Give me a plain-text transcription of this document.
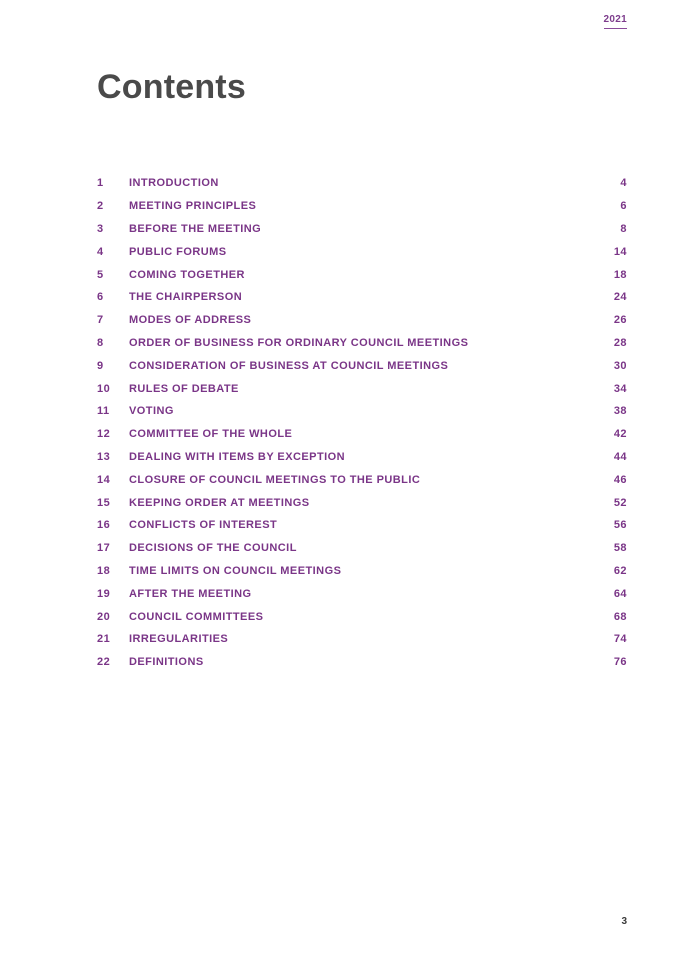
2021
Contents
1	INTRODUCTION	4
2	MEETING PRINCIPLES	6
3	BEFORE THE MEETING	8
4	PUBLIC FORUMS	14
5	COMING TOGETHER	18
6	THE CHAIRPERSON	24
7	MODES OF ADDRESS	26
8	ORDER OF BUSINESS FOR ORDINARY COUNCIL MEETINGS	28
9	CONSIDERATION OF BUSINESS AT COUNCIL MEETINGS	30
10	RULES OF DEBATE	34
11	VOTING	38
12	COMMITTEE OF THE WHOLE	42
13	DEALING WITH ITEMS BY EXCEPTION	44
14	CLOSURE OF COUNCIL MEETINGS TO THE PUBLIC	46
15	KEEPING ORDER AT MEETINGS	52
16	CONFLICTS OF INTEREST	56
17	DECISIONS OF THE COUNCIL	58
18	TIME LIMITS ON COUNCIL MEETINGS	62
19	AFTER THE MEETING	64
20	COUNCIL COMMITTEES	68
21	IRREGULARITIES	74
22	DEFINITIONS	76
3
